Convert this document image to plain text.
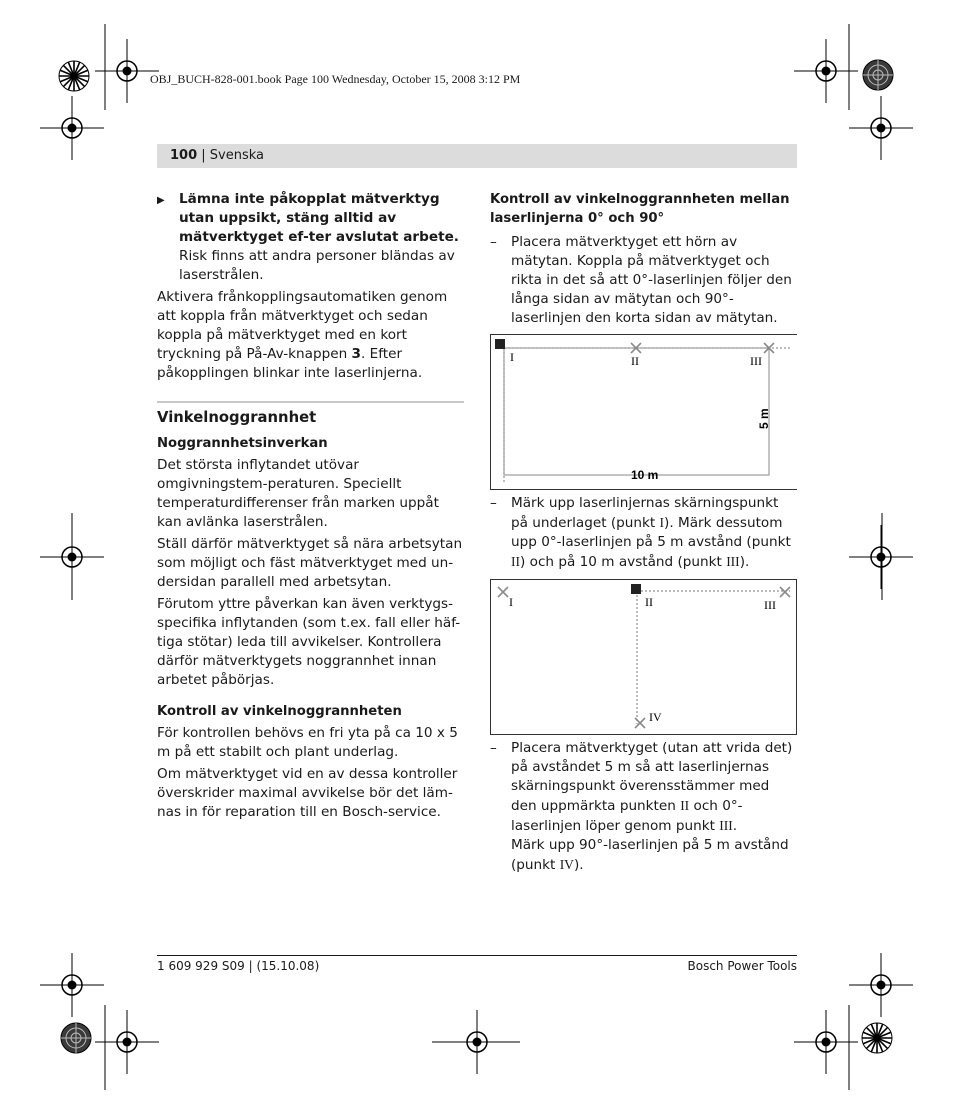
OBJ_BUCH-828-001.book Page 100 Wednesday, October 15, 2008 3:12 PM
100 | Svenska
▶	Lämna inte påkopplat mätverktyg utan uppsikt, stäng alltid av mätverktyget ef-ter avslutat arbete. Risk finns att andra personer bländas av laserstrålen.

Aktivera frånkopplingsautomatiken genom att koppla från mätverktyget och sedan koppla på mätverktyget med en kort tryckning på På-Av-knappen 3. Efter påkopplingen blinkar inte laserlinjerna.

Vinkelnoggrannhet

Noggrannhetsinverkan

Det största inflytandet utövar omgivningstem-peraturen. Speciellt temperaturdifferenser från marken uppåt kan avlänka laserstrålen.

Ställ därför mätverktyget så nära arbetsytan som möjligt och fäst mätverktyget med un-dersidan parallell med arbetsytan.

Förutom yttre påverkan kan även verktygs-specifika inflytanden (som t.ex. fall eller häf-tiga stötar) leda till avvikelser. Kontrollera därför mätverktygets noggrannhet innan arbetet påbörjas.

Kontroll av vinkelnoggrannheten

För kontrollen behövs en fri yta på ca 10 x 5 m på ett stabilt och plant underlag.

Om mätverktyget vid en av dessa kontroller överskrider maximal avvikelse bör det läm-nas in för reparation till en Bosch-service.

Kontroll av vinkelnoggrannheten mellan laserlinjerna 0° och 90°

–	Placera mätverktyget ett hörn av mätytan. Koppla på mätverktyget och rikta in det så att 0°-laserlinjen följer den långa sidan av mätytan och 90°-laserlinjen den korta sidan av mätytan.

I	II	III
10 m
5 m
–	Märk upp laserlinjernas skärningspunkt på underlaget (punkt I). Märk dessutom upp 0°-laserlinjen på 5 m avstånd (punkt II) och på 10 m avstånd (punkt III).

I	II	III
IV
–	Placera mätverktyget (utan att vrida det) på avståndet 5 m så att laserlinjernas skärningspunkt överensstämmer med den uppmärkta punkten II och 0°-laserlinjen löper genom punkt III.

Märk upp 90°-laserlinjen på 5 m avstånd (punkt IV).

1 609 929 S09 | (15.10.08)	Bosch Power Tools
